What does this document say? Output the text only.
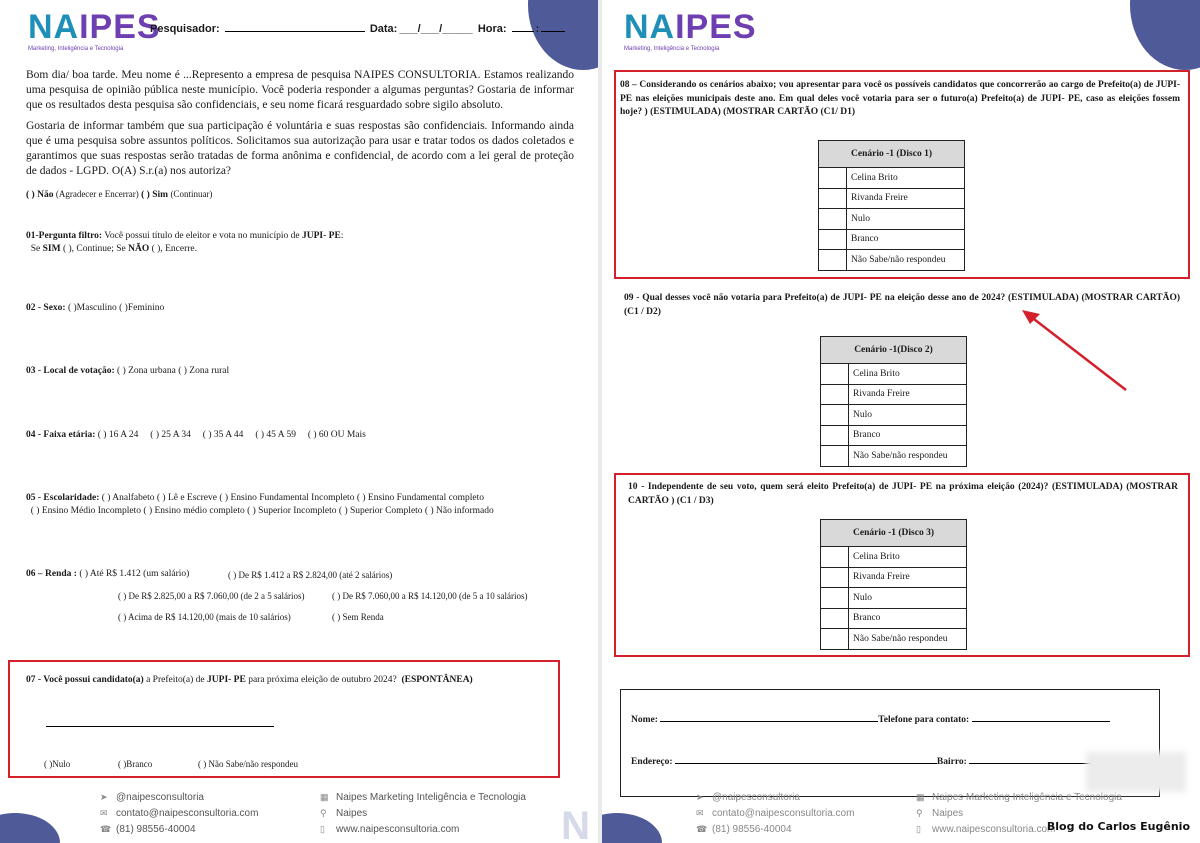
N
NAIPES
Marketing, Inteligência e Tecnologia
Pesquisador:	Data: ___/___/_____ Hora:	:

Bom dia/ boa tarde. Meu nome é ...Represento a empresa de pesquisa NAIPES CONSULTORIA. Estamos realizando uma pesquisa de opinião pública neste município. Você poderia responder a algumas perguntas? Gostaria de informar que os resultados desta pesquisa são confidenciais, e seu nome ficará resguardado sobre sigilo absoluto.

Gostaria de informar também que sua participação é voluntária e suas respostas são confidenciais. Informando ainda que é uma pesquisa sobre assuntos políticos. Solicitamos sua autorização para usar e tratar todos os dados coletados e garantimos que suas respostas serão tratadas de forma anônima e confidencial, de acordo com a lei geral de proteção de dados - LGPD. O(A) S.r.(a) nos autoriza?

( ) Não (Agradecer e Encerrar) ( ) Sim (Continuar)
01-Pergunta filtro: Você possui título de eleitor e vota no município de JUPI- PE:
Se SIM ( ), Continue; Se NÃO ( ), Encerre.
02 - Sexo: ( )Masculino ( )Feminino
03 - Local de votação: ( ) Zona urbana ( ) Zona rural
04 - Faixa etária: ( ) 16 A 24 ( ) 25 A 34 ( ) 35 A 44 ( ) 45 A 59 ( ) 60 OU Mais
05 - Escolaridade: ( ) Analfabeto ( ) Lê e Escreve ( ) Ensino Fundamental Incompleto ( ) Ensino Fundamental completo
( ) Ensino Médio Incompleto ( ) Ensino médio completo ( ) Superior Incompleto ( ) Superior Completo ( ) Não informado
06 – Renda : ( ) Até R$ 1.412 (um salário)	( ) De R$ 1.412 a R$ 2.824,00 (até 2 salários)
( ) De R$ 2.825,00 a R$ 7.060,00 (de 2 a 5 salários)	( ) De R$ 7.060,00 a R$ 14.120,00 (de 5 a 10 salários)
( ) Acima de R$ 14.120,00 (mais de 10 salários)	( ) Sem Renda
07 - Você possui candidato(a) a Prefeito(a) de JUPI- PE para próxima eleição de outubro 2024? (ESPONTÂNEA)
( )Nulo	( )Branco	( ) Não Sabe/não respondeu
➤ @naipesconsultoria
✉ contato@naipesconsultoria.com
☎ (81) 98556-40004
▦ Naipes Marketing Inteligência e Tecnologia
⚲ Naipes
▯ www.naipesconsultoria.com
NAIPES
Marketing, Inteligência e Tecnologia

08 – Considerando os cenários abaixo; vou apresentar para você os possíveis candidatos que concorrerão ao cargo de Prefeito(a) de JUPI- PE nas eleições municipais deste ano. Em qual deles você votaria para ser o futuro(a) Prefeito(a) de JUPI- PE, caso as eleições fossem hoje? ) (ESTIMULADA) (MOSTRAR CARTÃO (C1/ D1)

Cenário -1 (Disco 1)	
	Celina Brito
	Rivanda Freire
	Nulo
	Branco
	Não Sabe/não respondeu

09 - Qual desses você não votaria para Prefeito(a) de JUPI- PE na eleição desse ano de 2024? (ESTIMULADA) (MOSTRAR CARTÃO) (C1 / D2)

Cenário -1(Disco 2)	
	Celina Brito
	Rivanda Freire
	Nulo
	Branco
	Não Sabe/não respondeu

10 - Independente de seu voto, quem será eleito Prefeito(a) de JUPI- PE na próxima eleição (2024)? (ESTIMULADA) (MOSTRAR CARTÃO ) (C1 / D3)

Cenário -1 (Disco 3)	
	Celina Brito
	Rivanda Freire
	Nulo
	Branco
	Não Sabe/não respondeu
Nome:	Telefone para contato:
Endereço:	Bairro:
➤ @naipesconsultoria
✉ contato@naipesconsultoria.com
☎ (81) 98556-40004
▦ Naipes Marketing Inteligência e Tecnologia
⚲ Naipes
▯ www.naipesconsultoria.com
Blog do Carlos Eugênio
